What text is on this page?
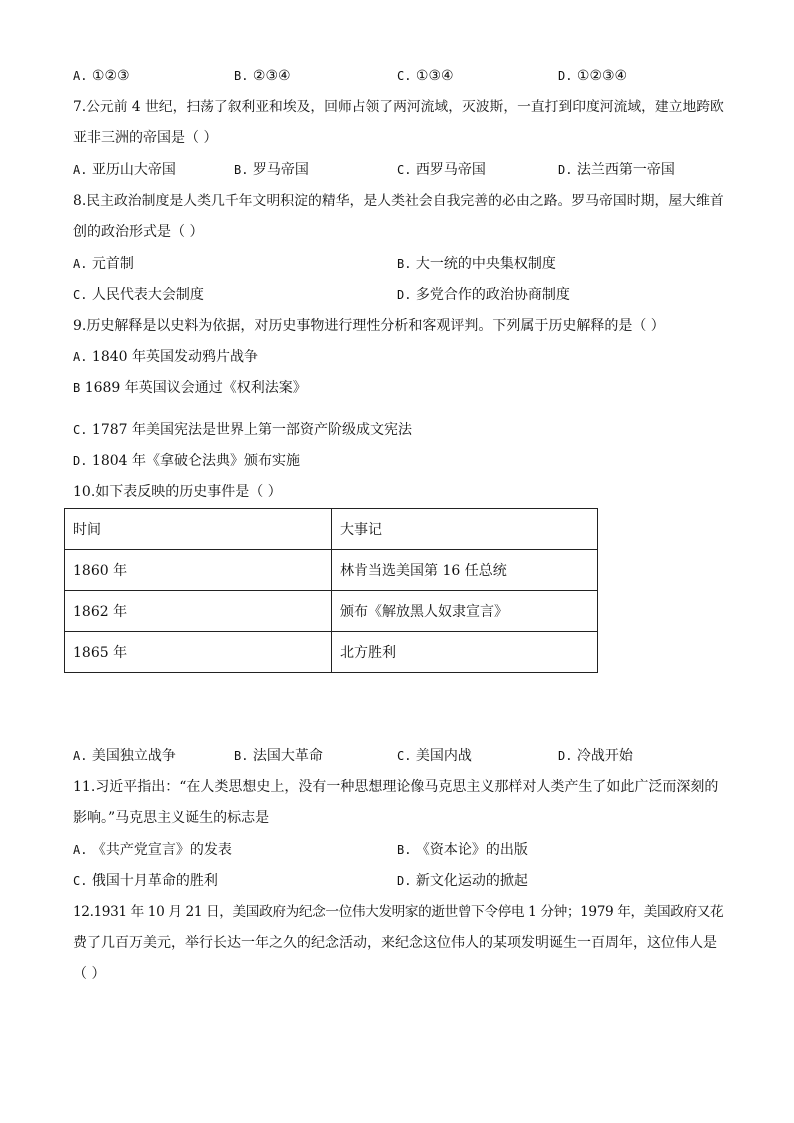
A. ①②③	B. ②③④	C. ①③④	D. ①②③④
7.公元前 4 世纪，扫荡了叙利亚和埃及，回师占领了两河流域，灭波斯，一直打到印度河流域，建立地跨欧
亚非三洲的帝国是（ ）
A. 亚历山大帝国	B. 罗马帝国	C. 西罗马帝国	D. 法兰西第一帝国
8.民主政治制度是人类几千年文明积淀的精华，是人类社会自我完善的必由之路。罗马帝国时期，屋大维首
创的政治形式是（ ）
A. 元首制	B. 大一统的中央集权制度
C. 人民代表大会制度	D. 多党合作的政治协商制度
9.历史解释是以史料为依据，对历史事物进行理性分析和客观评判。下列属于历史解释的是（ ）
A. 1840 年英国发动鸦片战争
B 1689 年英国议会通过《权利法案》
C. 1787 年美国宪法是世界上第一部资产阶级成文宪法
D. 1804 年《拿破仑法典》颁布实施
10.如下表反映的历史事件是（ ）
时间	大事记
1860 年	林肯当选美国第 16 任总统
1862 年	颁布《解放黑人奴隶宣言》
1865 年	北方胜利
A. 美国独立战争	B. 法国大革命	C. 美国内战	D. 冷战开始
11.习近平指出：“在人类思想史上，没有一种思想理论像马克思主义那样对人类产生了如此广泛而深刻的
影响。”马克思主义诞生的标志是
A. 《共产党宣言》的发表	B. 《资本论》的出版
C. 俄国十月革命的胜利	D. 新文化运动的掀起
12.1931 年 10 月 21 日，美国政府为纪念一位伟大发明家的逝世曾下令停电 1 分钟；1979 年，美国政府又花
费了几百万美元，举行长达一年之久的纪念活动，来纪念这位伟人的某项发明诞生一百周年，这位伟人是
（ ）
